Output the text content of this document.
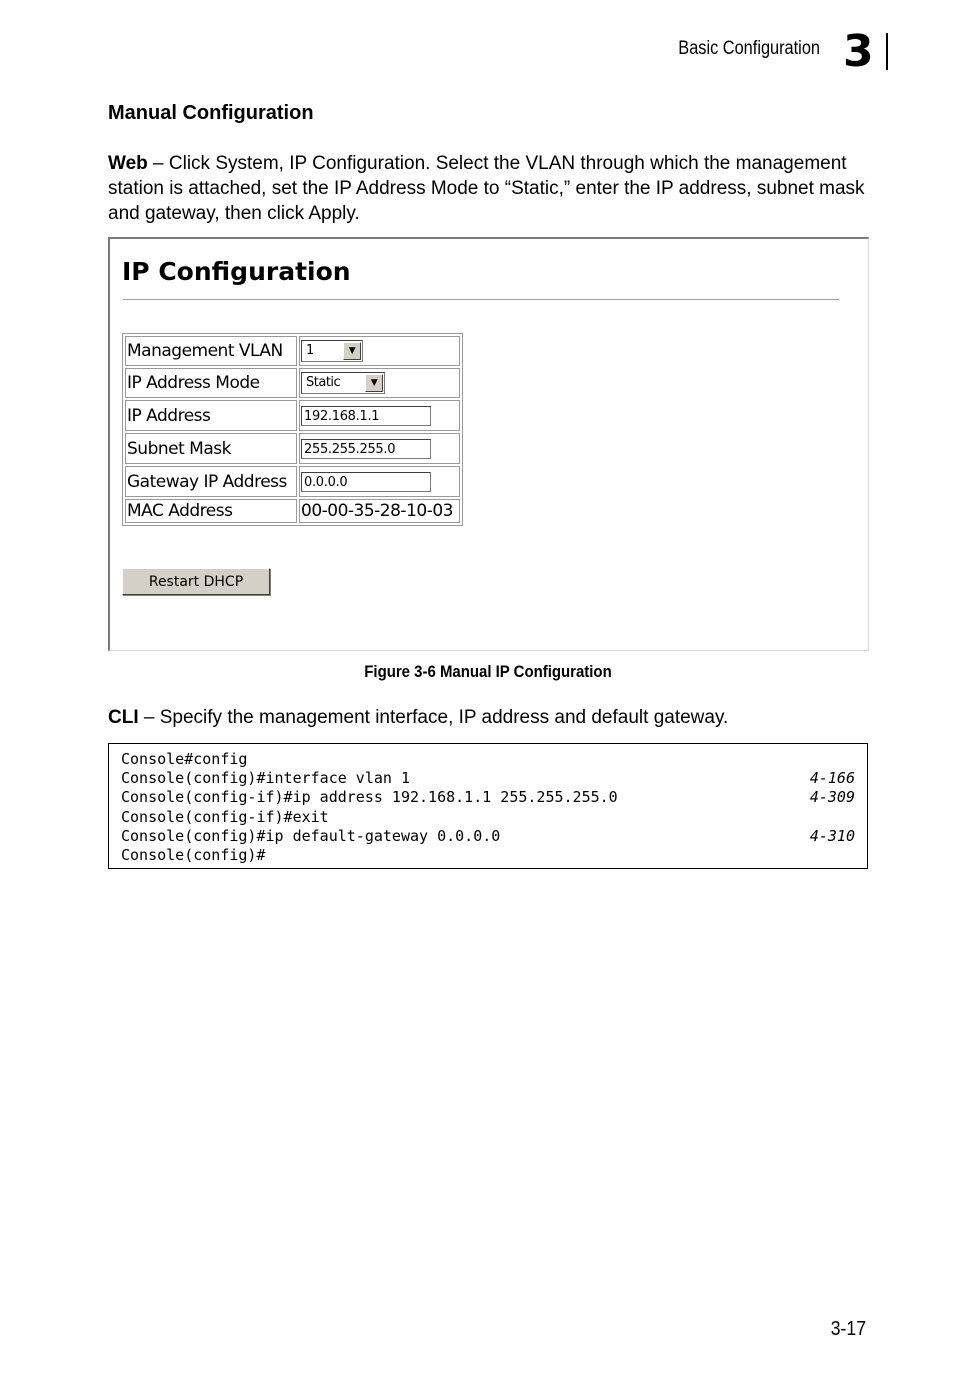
Basic Configuration 3
Manual Configuration
Web – Click System, IP Configuration. Select the VLAN through which the management station is attached, set the IP Address Mode to “Static,” enter the IP address, subnet mask and gateway, then click Apply.
IP Configuration
Management VLAN	1 ▼

IP Address Mode	Static ▼

IP Address	192.168.1.1
Subnet Mask	255.255.255.0
Gateway IP Address	0.0.0.0
MAC Address	00-00-35-28-10-03
Restart DHCP
Figure 3-6 Manual IP Configuration
CLI – Specify the management interface, IP address and default gateway.
Console#config
Console(config)#interface vlan 1	4-166
Console(config-if)#ip address 192.168.1.1 255.255.255.0	4-309
Console(config-if)#exit
Console(config)#ip default-gateway 0.0.0.0	4-310
Console(config)#
3-17
